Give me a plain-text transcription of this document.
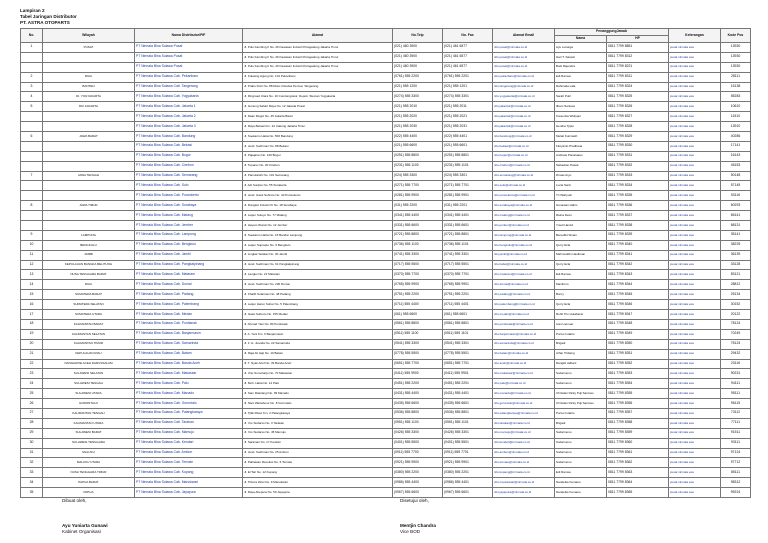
Lampiran 2
Tabel Jaringan Distributor
PT. ASTRA OTOPARTS
No.	Wilayah	Nama Distributor/PIF	Alamat	No.Telp	No. Fax	Alamat Email	PenanggungJawab		Keterangan	Kode Pos
							Nama	HP		
1	PUSAT	PT Nirmala Bina Sulawa Pusat	Jl. Pulo Kambing II No. 26 Kawasan Industri Pulogadung Jakarta Timur	(021) 460 3900	(021) 461 6577	nbs.pusat@nirmala.co.id	Ayu Lunarga	0811 7799 8851	pusat nirmala esa	13930
		PT Nirmala Bina Sulawa Pusat	Jl. Pulo Kambing II No. 26 Kawasan Industri Pulogadung Jakarta Timur	(021) 460 3900	(021) 461 6577	nbs.pusat@nirmala.co.id	Hari T. Sarwat	0811 7799 8312	pusat nirmala esa	13930
		PT Nirmala Bina Sulawa Pusat	Jl. Pulo Kambing II No. 26 Kawasan Industri Pulogadung Jakarta Timur	(021) 460 3900	(021) 461 6577	nbs.pusat@nirmala.co.id	Budi Rajendra	0811 7799 8221	pusat nirmala esa	13930
2	RIAU	PT Nirmala Bina Sulawa Cab. Pekanbaru	Jl. Kulasing Agung No. 101 Pekanbaru	(0761) 555 2200	(0761) 555 2201	nbs.pekanbaru@nirmala.co.id	Edi Ramsa	0811 7799 8311	pusat nirmala esa	28111
3	BANTEN	PT Nirmala Bina Sulawa Cab. Tangerang	Jl. Prabu Putri No. 88 Ruko Cibodas Permai, Tangerang	(021) 555 1200	(021) 555 1201	nbs.tangerang@nirmala.co.id	Rahmatia Lala	0811 7799 8324	pusat nirmala esa	15138
4	DI. YOGYAKARTA	PT Nirmala Bina Sulawa Cab. Yogyakarta	Jl. Ringroad Utara No. 10 Condongcatur, Depok, Sleman Yogyakarta	(0274) 555 3300	(0274) 555 3301	nbs.yogyakarta@nirmala.co.id	Sarah Putri	0811 7799 8325	pusat nirmala esa	55283
5	DKI JAKARTA	PT Nirmala Bina Sulawa Cab. Jakarta 1	Jl. Gunung Sahari Raya No. 12 Jakarta Pusat	(021) 555 2010	(021) 555 2011	nbs.jakarta1@nirmala.co.id	Ilham Santoso	0811 7799 8326	pusat nirmala esa	10610
		PT Nirmala Bina Sulawa Cab. Jakarta 2	Jl. Daan Mogot No. 45 Jakarta Barat	(021) 555 2020	(021) 555 2021	nbs.jakarta2@nirmala.co.id	Kresentia Widiyani	0811 7799 8327	pusat nirmala esa	11510
		PT Nirmala Bina Sulawa Cab. Jakarta 3	Jl. Raya Bekasi Km. 22 Cakung Jakarta Timur	(021) 555 2030	(021) 555 2031	nbs.jakarta3@nirmala.co.id	Hendra Tjipto	0811 7799 8328	pusat nirmala esa	13910
6	JAWA BARAT	PT Nirmala Bina Sulawa Cab. Bandung	Jl. Soekarno Hatta No. 500 Bandung	(022) 555 4400	(022) 555 4401	nbs.bandung@nirmala.co.id	Melati Kurniasih	0811 7799 8329	pusat nirmala esa	40286
		PT Nirmala Bina Sulawa Cab. Bekasi	Jl. Jend. Sudirman No. 88 Bekasi	(021) 555 6600	(021) 555 6601	nbs.bekasi@nirmala.co.id	Fitriyanto Pradhana	0811 7799 8330	pusat nirmala esa	17141
		PT Nirmala Bina Sulawa Cab. Bogor	Jl. Pajajaran No. 120 Bogor	(0251) 555 8800	(0251) 555 8801	nbs.bogor@nirmala.co.id	Andreas Panatuaan	0811 7799 8331	pusat nirmala esa	16143
		PT Nirmala Bina Sulawa Cab. Cirebon	Jl. Tuparev No. 20 Cirebon	(0231) 555 1100	(0231) 555 1101	nbs.cirebon@nirmala.co.id	Sebastian Pasek	0811 7799 8332	pusat nirmala esa	45153
7	JAWA TENGAH	PT Nirmala Bina Sulawa Cab. Semarang	Jl. Pamularsih No. 101 Semarang	(024) 555 3300	(024) 555 3301	nbs.semarang@nirmala.co.id	Dimas Aryo	0811 7799 8333	pusat nirmala esa	50148
		PT Nirmala Bina Sulawa Cab. Solo	Jl. Adi Sucipto No. 55 Surakarta	(0271) 555 7700	(0271) 555 7701	nbs.solo@nirmala.co.id	Lucia Santi	0811 7799 8334	pusat nirmala esa	57145
		PT Nirmala Bina Sulawa Cab. Purwokerto	Jl. Jend. Gatot Subroto No. 40 Purwokerto	(0281) 555 9900	(0281) 555 9901	nbs.purwokerto@nirmala.co.id	Tri Wahyudi	0811 7799 8335	pusat nirmala esa	53116
8	JAWA TIMUR	PT Nirmala Bina Sulawa Cab. Surabaya	Jl. Rungkut Industri III No. 18 Surabaya	(031) 555 2200	(031) 555 2201	nbs.surabaya@nirmala.co.id	Gunawan Halim	0811 7799 8336	pusat nirmala esa	60293
		PT Nirmala Bina Sulawa Cab. Malang	Jl. Letjen Sutoyo No. 77 Malang	(0341) 555 4400	(0341) 555 4401	nbs.malang@nirmala.co.id	Ratna Dewi	0811 7799 8337	pusat nirmala esa	65141
		PT Nirmala Bina Sulawa Cab. Jember	Jl. Hayam Wuruk No. 12 Jember	(0331) 555 6600	(0331) 555 6601	nbs.jember@nirmala.co.id	Yusuf Hamid	0811 7799 8338	pusat nirmala esa	68131
9	LAMPUNG	PT Nirmala Bina Sulawa Cab. Lampung	Jl. Soekarno Hatta No. 15 Bandar Lampung	(0721) 555 8800	(0721) 555 8801	nbs.lampung@nirmala.co.id	Benedikt Sinam	0811 7799 8339	pusat nirmala esa	35141
10	BENGKULU	PT Nirmala Bina Sulawa Cab. Bengkulu	Jl. Letjen Suprapto No. 9 Bengkulu	(0736) 555 1100	(0736) 555 1101	nbs.bengkulu@nirmala.co.id	Qorry Ecla	0811 7799 8340	pusat nirmala esa	38225
11	JAMBI	PT Nirmala Bina Sulawa Cab. Jambi	Jl. Lingkar Selatan No. 30 Jambi	(0741) 555 3300	(0741) 555 3301	nbs.jambi@nirmala.co.id	Mahmuddin Hasibuan	0811 7799 8341	pusat nirmala esa	36139
12	KEPULAUAN BANGKA BELITUNG	PT Nirmala Bina Sulawa Cab. Pangkalpinang	Jl. Jend. Sudirman No. 61 Pangkalpinang	(0717) 555 5500	(0717) 555 5501	nbs.babel@nirmala.co.id	Qorry Ecla	0811 7799 8342	pusat nirmala esa	33128
13	NUSA TENGGARA BARAT	PT Nirmala Bina Sulawa Cab. Mataram	Jl. Langko No. 21 Mataram	(0370) 555 7700	(0370) 555 7701	nbs.mataram@nirmala.co.id	Edi Ramsa	0811 7799 8343	pusat nirmala esa	83121
14	RIAU	PT Nirmala Bina Sulawa Cab. Dumai	Jl. Jend. Sudirman No. 200 Dumai	(0765) 555 9900	(0765) 555 9901	nbs.dumai@nirmala.co.id	Manihoro	0811 7799 8344	pusat nirmala esa	28812
15	SUMATERA BARAT	PT Nirmala Bina Sulawa Cab. Padang	Jl. Khatib Sulaiman No. 48 Padang	(0751) 555 2200	(0751) 555 2201	nbs.padang@nirmala.co.id	Bunry	0811 7799 8345	pusat nirmala esa	25134
16	SUMATERA SELATAN	PT Nirmala Bina Sulawa Cab. Palembang	Jl. Letjen Harun Sohar No. 5 Palembang	(0711) 555 4400	(0711) 555 4401	nbs.palembang@nirmala.co.id	Qorry Ecla	0811 7799 8346	pusat nirmala esa	30152
17	SUMATERA UTARA	PT Nirmala Bina Sulawa Cab. Medan	Jl. Gatot Subroto No. 155 Medan	(061) 555 6600	(061) 555 6601	nbs.medan@nirmala.co.id	Rohit Trio Hutabarat	0811 7799 8347	pusat nirmala esa	20122
18	KALIMANTAN BARAT	PT Nirmala Bina Sulawa Cab. Pontianak	Jl. Ahmad Yani No. 80 Pontianak	(0561) 555 8800	(0561) 555 8801	nbs.pontianak@nirmala.co.id	Ivan Liemuar	0811 7799 8348	pusat nirmala esa	78124
19	KALIMANTAN SELATAN	PT Nirmala Bina Sulawa Cab. Banjarmasin	Jl. A. Yani Km. 6 Banjarmasin	(0511) 555 1100	(0511) 555 1101	nbs.banjarmasin@nirmala.co.id	Purwo Indarto	0811 7799 8349	pusat nirmala esa	70249
20	KALIMANTAN TIMUR	PT Nirmala Bina Sulawa Cab. Samarinda	Jl. Ir. H. Juanda No. 22 Samarinda	(0541) 555 3300	(0541) 555 3301	nbs.samarinda@nirmala.co.id	Brigadi	0811 7799 8350	pusat nirmala esa	75124
21	KEPULAUAN RIAU	PT Nirmala Bina Sulawa Cab. Batam	Jl. Raja Ali Haji No. 10 Batam	(0778) 555 5500	(0778) 555 5501	nbs.batam@nirmala.co.id	Arfan Tridaing	0811 7799 8351	pusat nirmala esa	29432
22	NANGGROE ACEH DARUSSALAM	PT Nirmala Bina Sulawa Cab. Banda Aceh	Jl. T. Nyak Arief No. 33 Banda Aceh	(0651) 555 7700	(0651) 555 7701	nbs.aceh@nirmala.co.id	Rangkil Jalbani	0811 7799 8352	pusat nirmala esa	23116
23	SULAWESI SELATAN	PT Nirmala Bina Sulawa Cab. Makassar	Jl. Urip Sumoharjo No. 70 Makassar	(0411) 555 9900	(0411) 555 9901	nbs.makassar@nirmala.co.id	Sudarmono	0811 7799 8353	pusat nirmala esa	90231
24	SULAWESI TENGAH	PT Nirmala Bina Sulawa Cab. Palu	Jl. Moh. Hatta No. 14 Palu	(0451) 555 2200	(0451) 555 2201	nbs.palu@nirmala.co.id	Sudarmono	0811 7799 8354	pusat nirmala esa	94111
25	SULAWESI UTARA	PT Nirmala Bina Sulawa Cab. Manado	Jl. Sam Ratulangi No. 99 Manado	(0431) 555 4400	(0431) 555 4401	nbs.manado@nirmala.co.id	Christian Dicky Puji Santoso	0811 7799 8355	pusat nirmala esa	95111
26	GORONTALO	PT Nirmala Bina Sulawa Cab. Gorontalo	Jl. Nani Wartabone No. 8 Gorontalo	(0435) 555 6600	(0435) 555 6601	nbs.gorontalo@nirmala.co.id	Christian Dicky Puji Santoso	0811 7799 8356	pusat nirmala esa	96115
27	KALIMANTAN TENGAH	PT Nirmala Bina Sulawa Cab. Palangkaraya	Jl. Tjilik Riwut Km. 2 Palangkaraya	(0536) 555 8800	(0536) 555 8801	nbs.palangkaraya@nirmala.co.id	Purwo Indarto	0811 7799 8357	pusat nirmala esa	73112
28	KALIMANTAN UTARA	PT Nirmala Bina Sulawa Cab. Tarakan	Jl. Yos Sudarso No. 3 Tarakan	(0551) 555 1100	(0551) 555 1101	nbs.tarakan@nirmala.co.id	Brigadi	0811 7799 8358	pusat nirmala esa	77111
29	SULAWESI BARAT	PT Nirmala Bina Sulawa Cab. Mamuju	Jl. Yos Sudarso No. 45 Mamuju	(0426) 555 3300	(0426) 555 3301	nbs.mamuju@nirmala.co.id	Sudarmono	0811 7799 8359	pusat nirmala esa	91511
30	SULAWESI TENGGARA	PT Nirmala Bina Sulawa Cab. Kendari	Jl. Saranani No. 17 Kendari	(0401) 555 5500	(0401) 555 5501	nbs.kendari@nirmala.co.id	Sudarmono	0811 7799 8360	pusat nirmala esa	93111
31	MALUKU	PT Nirmala Bina Sulawa Cab. Ambon	Jl. Jend. Sudirman No. 25 Ambon	(0911) 555 7700	(0911) 555 7701	nbs.ambon@nirmala.co.id	Sudarmono	0811 7799 8361	pusat nirmala esa	97124
32	MALUKU UTARA	PT Nirmala Bina Sulawa Cab. Ternate	Jl. Pahlawan Revolusi No. 6 Ternate	(0921) 555 9900	(0921) 555 9901	nbs.ternate@nirmala.co.id	Sudarmono	0811 7799 8362	pusat nirmala esa	97712
33	NUSA TENGGARA TIMUR	PT Nirmala Bina Sulawa Cab. Kupang	Jl. El Tari No. 12 Kupang	(0380) 555 2200	(0380) 555 2201	nbs.kupang@nirmala.co.id	Edi Ramsa	0811 7799 8363	pusat nirmala esa	85111
34	PAPUA BARAT	PT Nirmala Bina Sulawa Cab. Manokwari	Jl. Trikora Wosi No. 9 Manokwari	(0986) 555 4400	(0986) 555 4401	nbs.manokwari@nirmala.co.id	Nandeitie Kunaero	0811 7799 8364	pusat nirmala esa	98312
35	PAPUA	PT Nirmala Bina Sulawa Cab. Jayapura	Jl. Raya Abepura No. 50 Jayapura	(0967) 555 6600	(0967) 555 6601	nbs.jayapura@nirmala.co.id	Nandeitie Kunaero	0811 7799 8365	pusat nirmala esa	99224
Dibuat oleh,	Disetujui oleh,
Ayu Yuniarta Gunawi
Kabinet Organisasi
Mentjin Chandra
Vice BOD
